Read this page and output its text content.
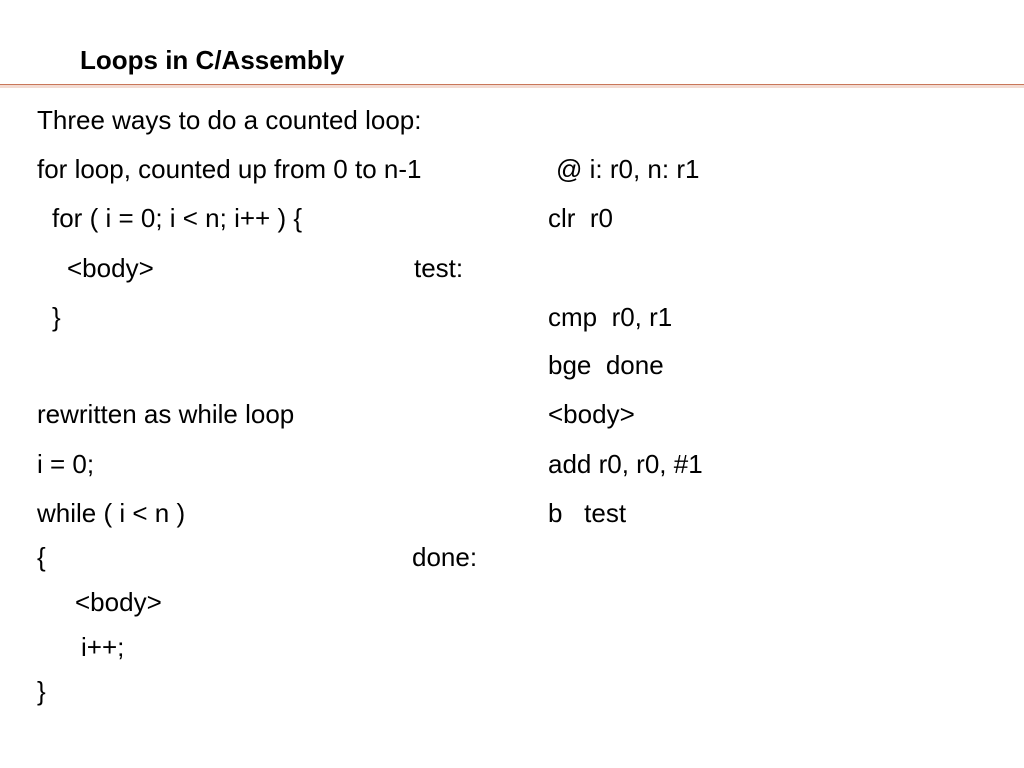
Loops in C/Assembly
Three ways to do a counted loop:
for loop, counted up from 0 to n-1
for ( i = 0; i < n; i++ ) {
<body>
}
rewritten as while loop
i = 0;
while ( i < n )
{
<body>
i++;
}
test:
done:
@ i: r0, n: r1
clr  r0
cmp  r0, r1
bge  done
<body>
add r0, r0, #1
b   test
